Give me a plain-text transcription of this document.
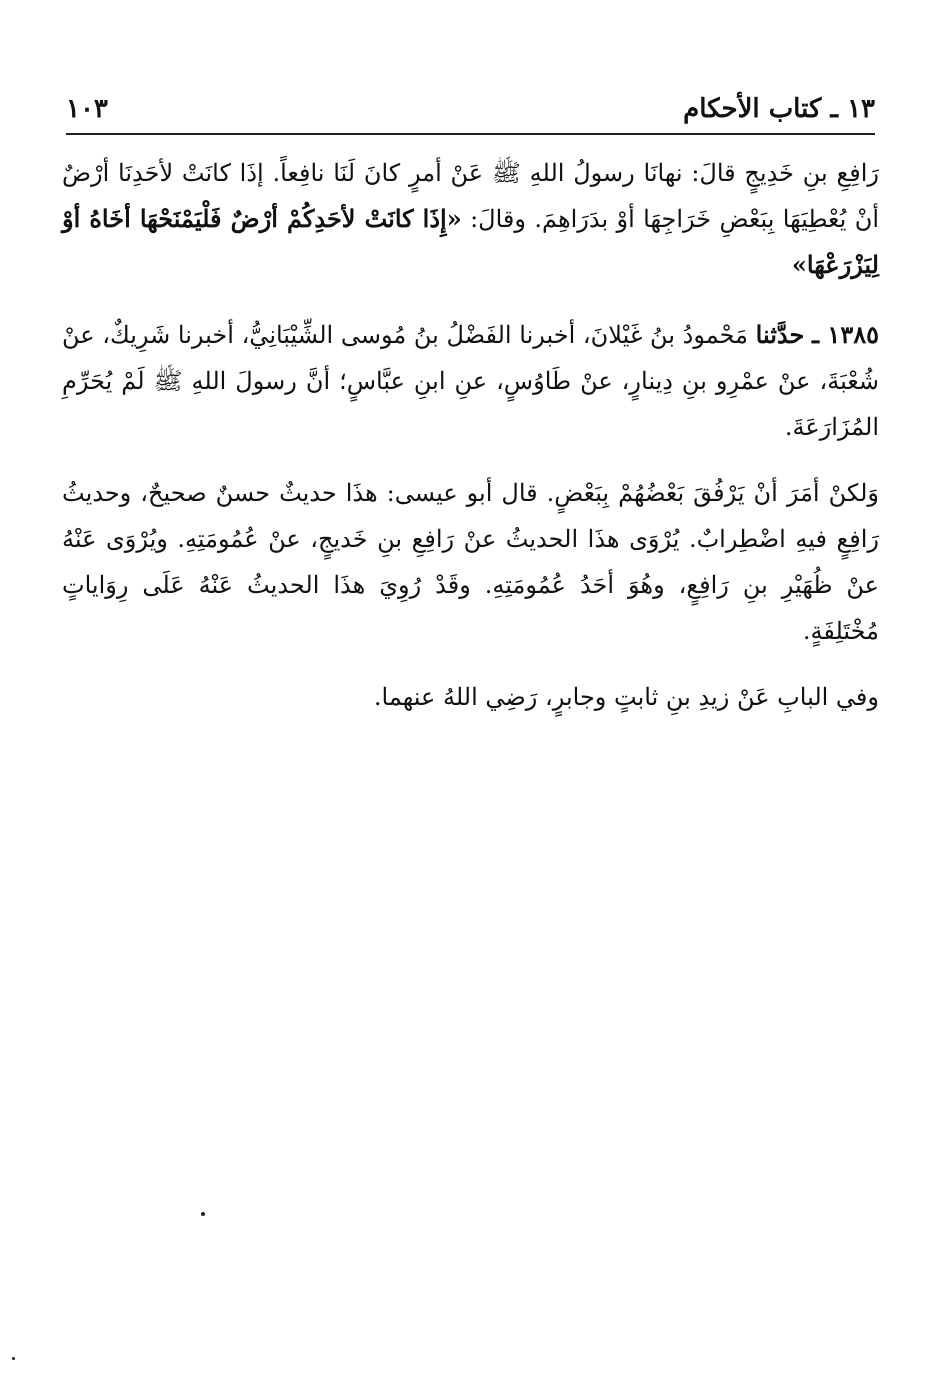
١٣ ـ كتاب الأحكام
١٠٣

رَافِعِ بنِ خَدِيجٍ قالَ: نهانَا رسولُ اللهِ ﷺ عَنْ أمرٍ كانَ لَنَا نافِعاً. إذَا كانَتْ لأحَدِنَا أرْضٌ أنْ يُعْطِيَهَا بِبَعْضِ خَرَاجِهَا أوْ بدَرَاهِمَ. وقالَ: «إِذَا كانَتْ لأحَدِكُمْ أرْضٌ فَلْيَمْنَحْهَا أخَاهُ أوْ لِيَزْرَعْهَا»

١٣٨٥ ـ حدَّثنا مَحْمودُ بنُ غَيْلانَ، أخبرنا الفَضْلُ بنُ مُوسى الشِّيْبَانِيُّ، أخبرنا شَرِيكٌ، عنْ شُعْبَةَ، عنْ عمْرِو بنِ دِينارٍ، عنْ طَاوُسٍ، عنِ ابنِ عبَّاسٍ؛ أنَّ رسولَ اللهِ ﷺ لَمْ يُحَرِّمِ المُزَارَعَةَ.

وَلكنْ أمَرَ أنْ يَرْفُقَ بَعْضُهُمْ بِبَعْضٍ. قال أبو عيسى: هذَا حديثٌ حسنٌ صحيحٌ، وحديثُ رَافِعٍ فيهِ اضْطِرابٌ. يُرْوَى هذَا الحديثُ عنْ رَافِعِ بنِ خَديجٍ، عنْ عُمُومَتِهِ. ويُرْوَى عَنْهُ عنْ ظُهَيْرِ بنِ رَافِعٍ، وهُوَ أحَدُ عُمُومَتِهِ. وقَدْ رُوِيَ هذَا الحديثُ عَنْهُ عَلَى رِوَاياتٍ مُخْتَلِفَةٍ.

وفي البابِ عَنْ زيدِ بنِ ثابتٍ وجابرٍ، رَضِي اللهُ عنهما.
